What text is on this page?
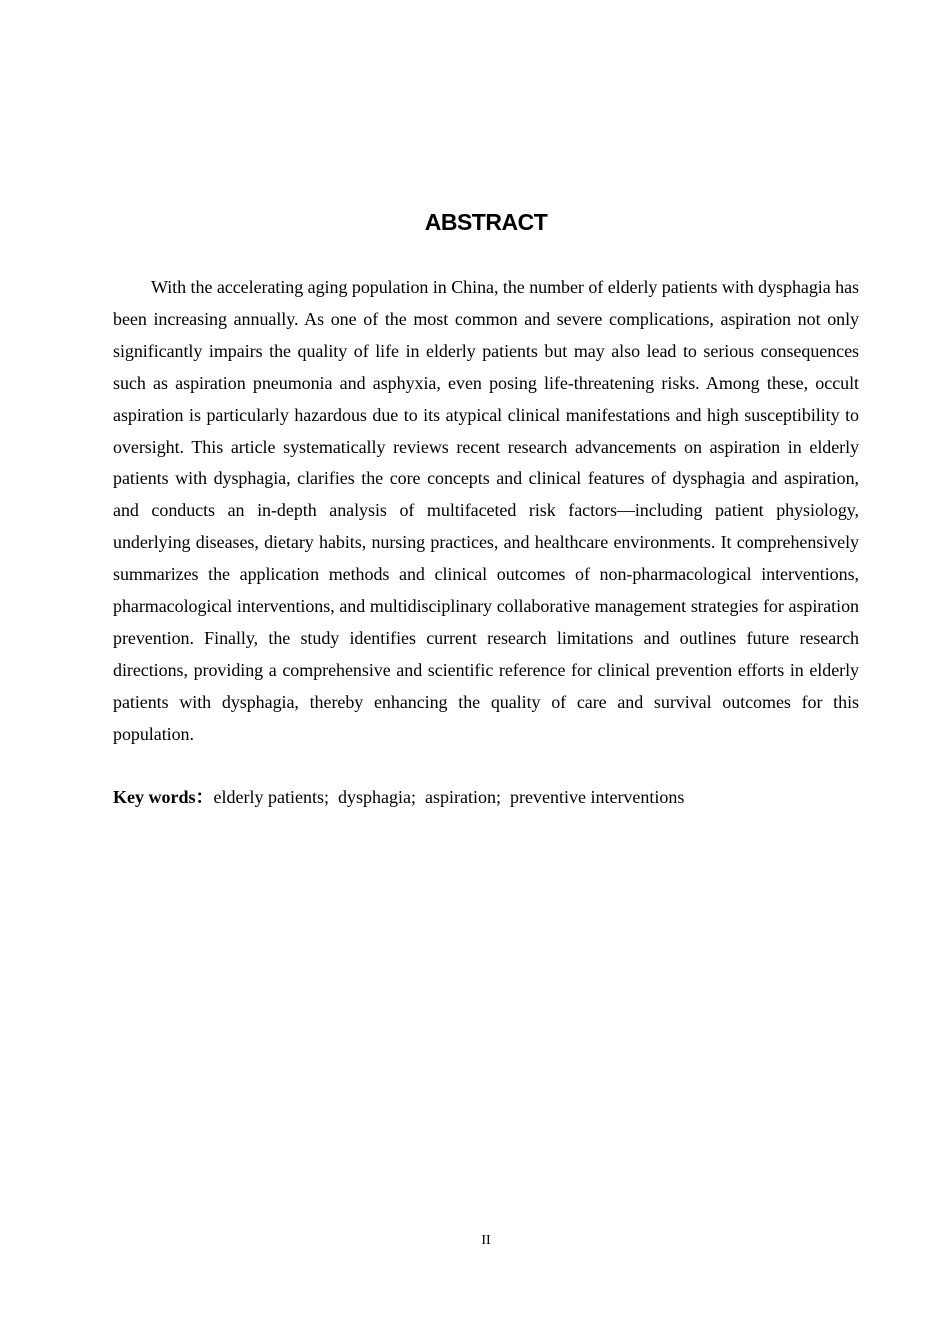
ABSTRACT

With the accelerating aging population in China, the number of elderly patients with dysphagia has been increasing annually. As one of the most common and severe complications, aspiration not only significantly impairs the quality of life in elderly patients but may also lead to serious consequences such as aspiration pneumonia and asphyxia, even posing life-threatening risks. Among these, occult aspiration is particularly hazardous due to its atypical clinical manifestations and high susceptibility to oversight. This article systematically reviews recent research advancements on aspiration in elderly patients with dysphagia, clarifies the core concepts and clinical features of dysphagia and aspiration, and conducts an in-depth analysis of multifaceted risk factors—including patient physiology, underlying diseases, dietary habits, nursing practices, and healthcare environments. It comprehensively summarizes the application methods and clinical outcomes of non-pharmacological interventions, pharmacological interventions, and multidisciplinary collaborative management strategies for aspiration prevention. Finally, the study identifies current research limitations and outlines future research directions, providing a comprehensive and scientific reference for clinical prevention efforts in elderly patients with dysphagia, thereby enhancing the quality of care and survival outcomes for this population.

Key words：elderly patients;  dysphagia;  aspiration;  preventive interventions

II
